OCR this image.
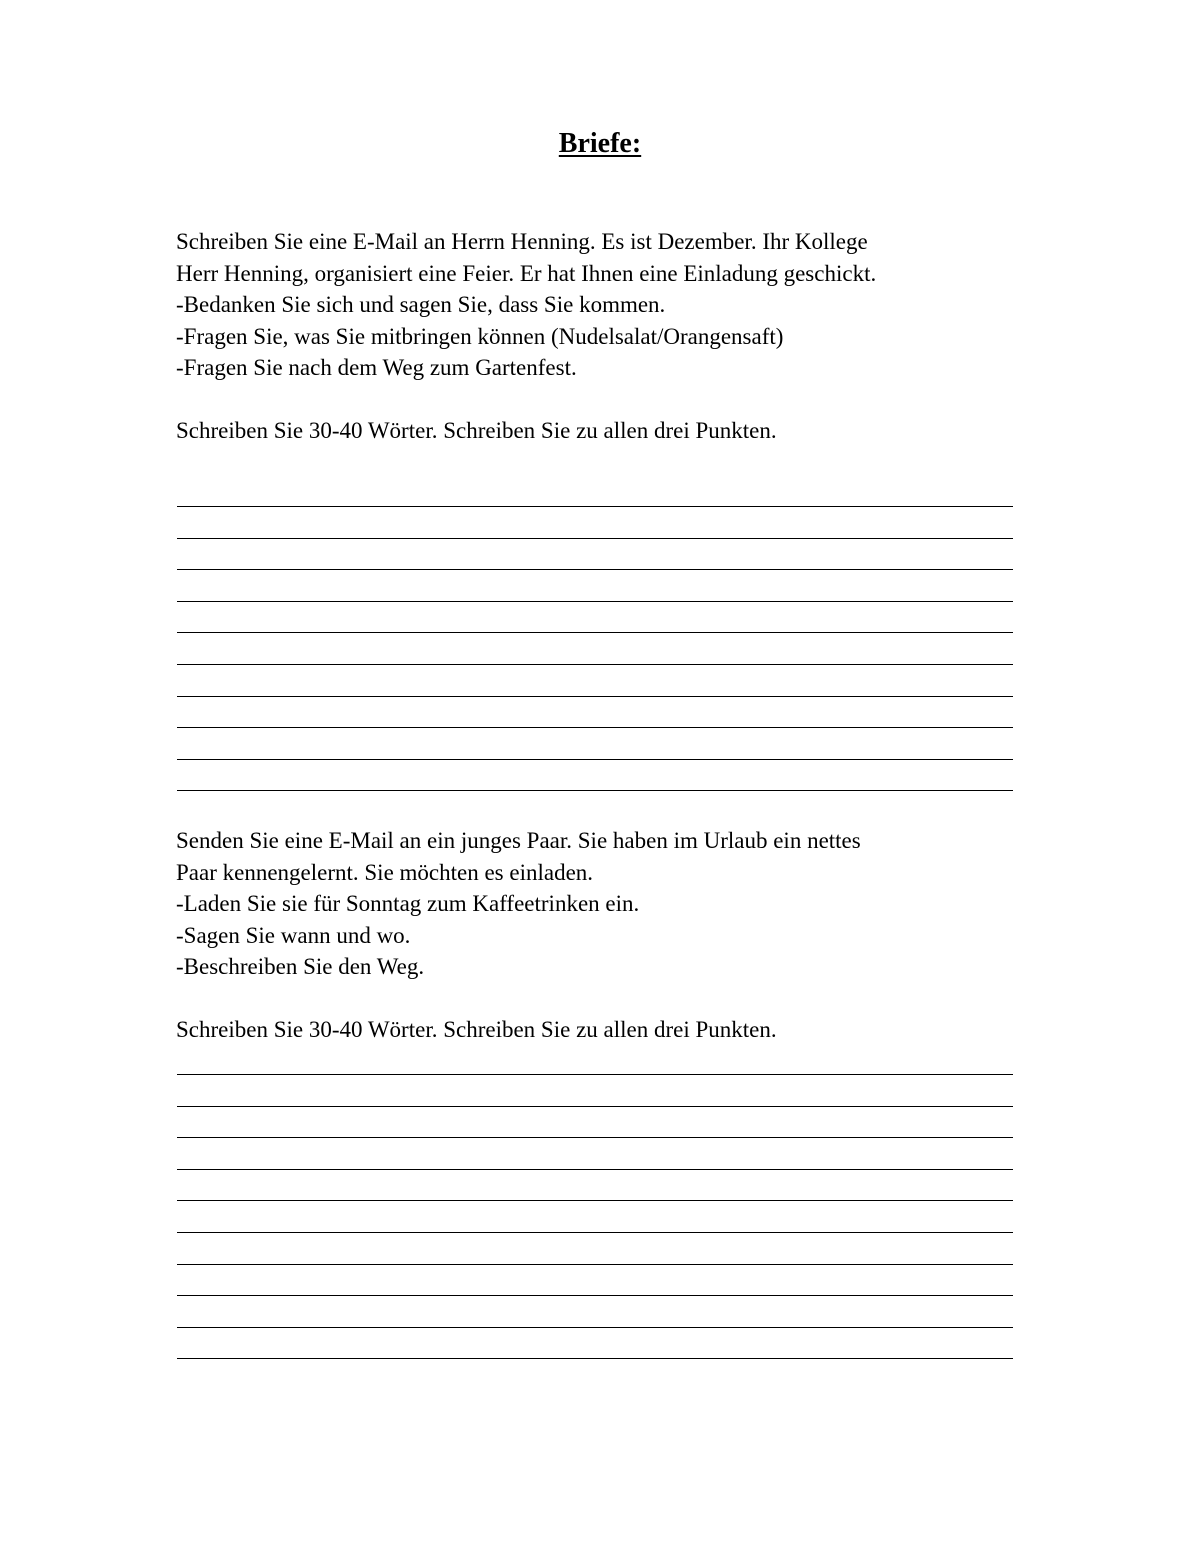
Briefe:
Schreiben Sie eine E-Mail an Herrn Henning. Es ist Dezember. Ihr Kollege
Herr Henning, organisiert eine Feier. Er hat Ihnen eine Einladung geschickt.
-Bedanken Sie sich und sagen Sie, dass Sie kommen.
-Fragen Sie, was Sie mitbringen können (Nudelsalat/Orangensaft)
-Fragen Sie nach dem Weg zum Gartenfest.
Schreiben Sie 30-40 Wörter. Schreiben Sie zu allen drei Punkten.
Senden Sie eine E-Mail an ein junges Paar. Sie haben im Urlaub ein nettes
Paar kennengelernt. Sie möchten es einladen.
-Laden Sie sie für Sonntag zum Kaffeetrinken ein.
-Sagen Sie wann und wo.
-Beschreiben Sie den Weg.
Schreiben Sie 30-40 Wörter. Schreiben Sie zu allen drei Punkten.
